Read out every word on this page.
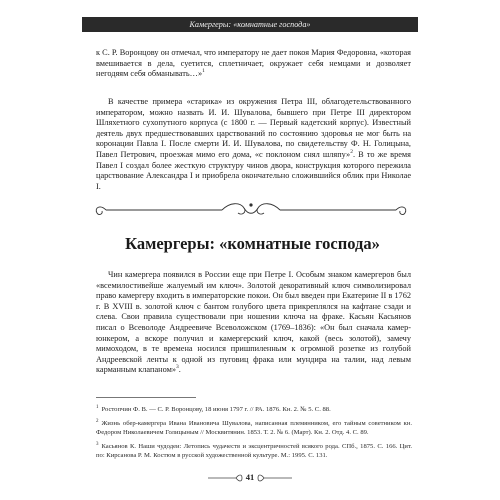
Камергеры: «комнатные господа»

к С. Р. Воронцову он отмечал, что императору не дает покоя Мария Федоровна, «которая вмешивается в дела, суетится, сплетничает, окружает себя немцами и дозволяет негодяям себя обманывать…»$^1$

В качестве примера «старика» из окружения Петра III, облагодетельствованного императором, можно назвать И. И. Шувалова, бывшего при Петре III директором Шляхетного сухопутного корпуса (с 1800 г. — Первый кадетский корпус). Известный деятель двух предшествовавших царствований по состоянию здоровья не мог быть на коронации Павла I. После смерти И. И. Шувалова, по свидетельству Ф. Н. Голицына, Павел Петрович, проезжая мимо его дома, «с поклоном снял шляпу»$^2$. В то же время Павел I создал более жесткую структуру чинов двора, конструкция которого пережила царствование Александра I и приобрела окончательно сложившийся облик при Николае I.

Камергеры: «комнатные господа»

Чин камергера появился в России еще при Петре I. Особым знаком камергеров был «всемилостивейше жалуемый им ключ». Золотой декоративный ключ символизировал право камергеру входить в императорские покои. Он был введен при Екатерине II в 1762 г. В XVIII в. золотой ключ с бантом голубого цвета прикреплялся на кафтане сзади и слева. Свои правила существовали при ношении ключа на фраке. Касьян Касьянов писал о Всеволоде Андреевиче Всеволожском (1769–1836): «Он был сначала камер-юнкером, а вскоре получил и камергерский ключ, какой (весь золотой), замечу мимоходом, в те времена носился пришпиленным к огромной розетке из голубой Андреевской ленты к одной из пуговиц фрака или мундира на талии, над левым карманным клапаном»$^3$.

$^1$ Ростопчин Ф. В. — С. Р. Воронцову, 18 июня 1797 г. // РА. 1876. Кн. 2. № 5. С. 88.

$^2$ Жизнь обер-камергера Ивана Ивановича Шувалова, написанная племянником, его тайным советником кн. Федором Николаевичем Голицыным // Москвитянин. 1853. Т. 2. № 6. (Март). Кн. 2. Отд. 4. С. 89.

$^3$ Касьянов К. Наши чудодеи: Летопись чудачеств и эксцентричностей всякого рода. СПб., 1875. С. 166. Цит. по: Кирсанова Р. М. Костюм в русской художественной культуре. М.: 1995. С. 131.

41
